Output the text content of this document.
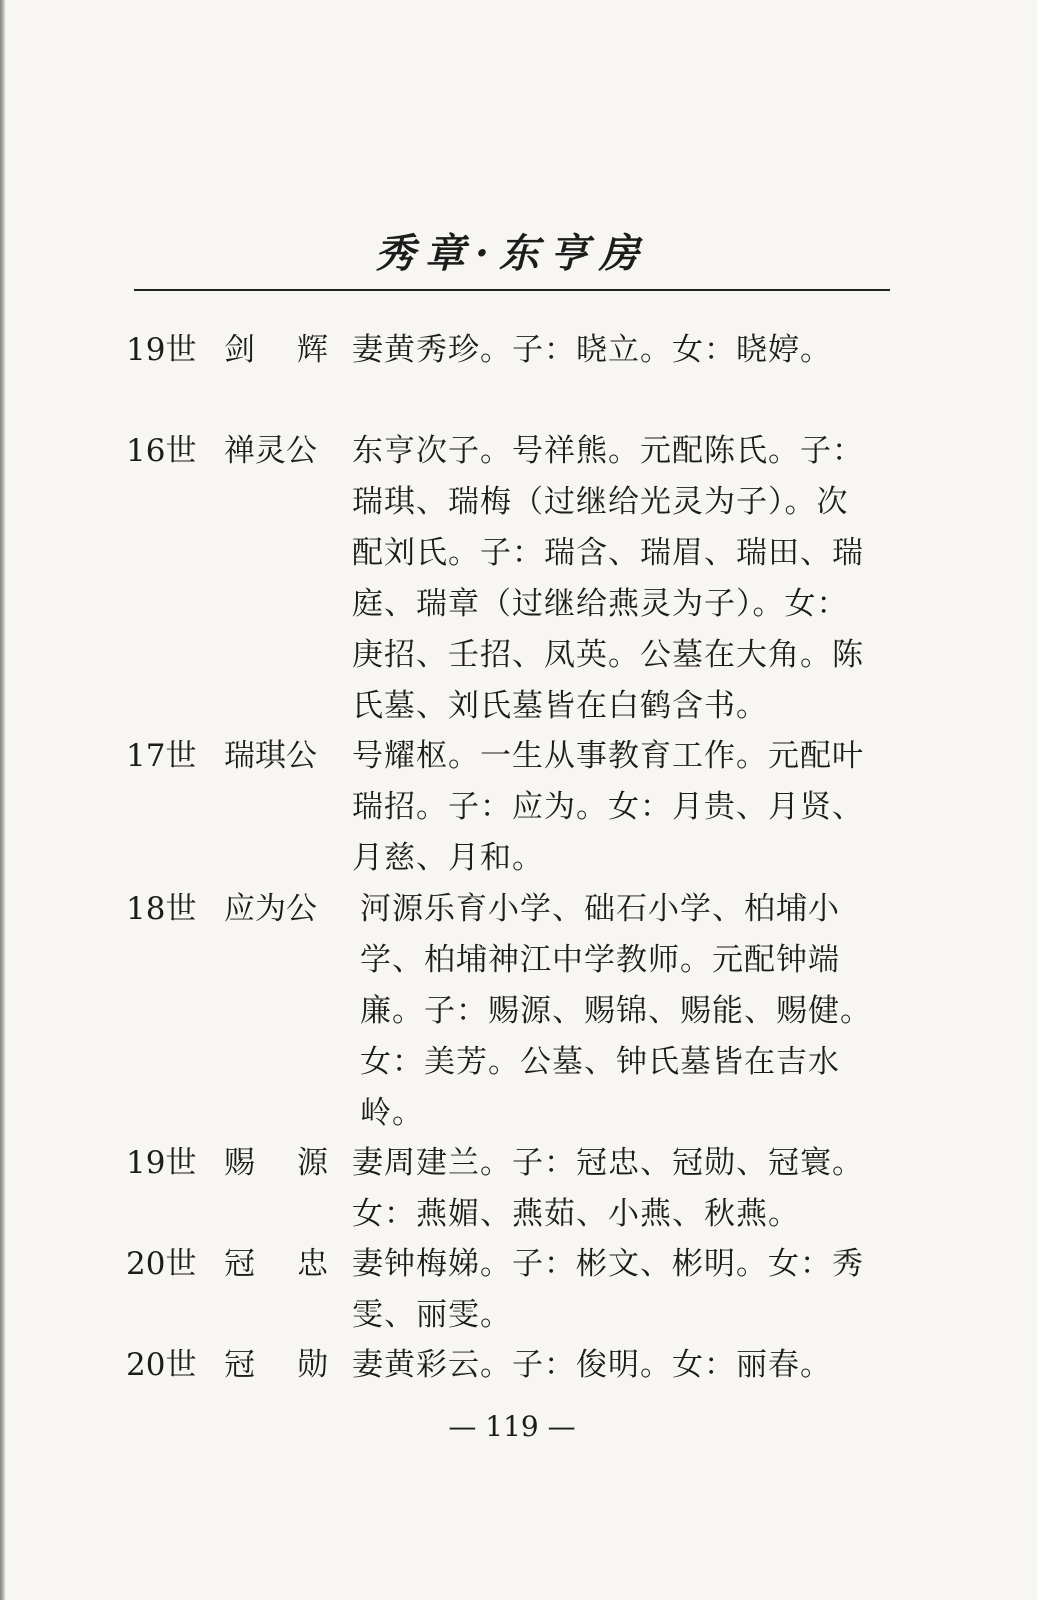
秀章·东亨房
19世 剑　辉 妻黄秀珍。子：晓立。女：晓婷。
16世 禅灵公	东亨次子。号祥熊。元配陈氏。子：瑞琪、瑞梅（过继给光灵为子）。次配刘氏。子：瑞含、瑞眉、瑞田、瑞庭、瑞章（过继给燕灵为子）。女：庚招、壬招、凤英。公墓在大角。陈氏墓、刘氏墓皆在白鹤含书。
17世 瑞琪公	号耀枢。一生从事教育工作。元配叶瑞招。子：应为。女：月贵、月贤、月慈、月和。
18世 应为公	河源乐育小学、础石小学、柏埔小学、柏埔神江中学教师。元配钟端廉。子：赐源、赐锦、赐能、赐健。女：美芳。公墓、钟氏墓皆在吉水岭。
19世 赐　源 妻周建兰。子：冠忠、冠勋、冠寰。女：燕媚、燕茹、小燕、秋燕。
20世 冠　忠 妻钟梅娣。子：彬文、彬明。女：秀雯、丽雯。
20世 冠　勋 妻黄彩云。子：俊明。女：丽春。
— 119 —
